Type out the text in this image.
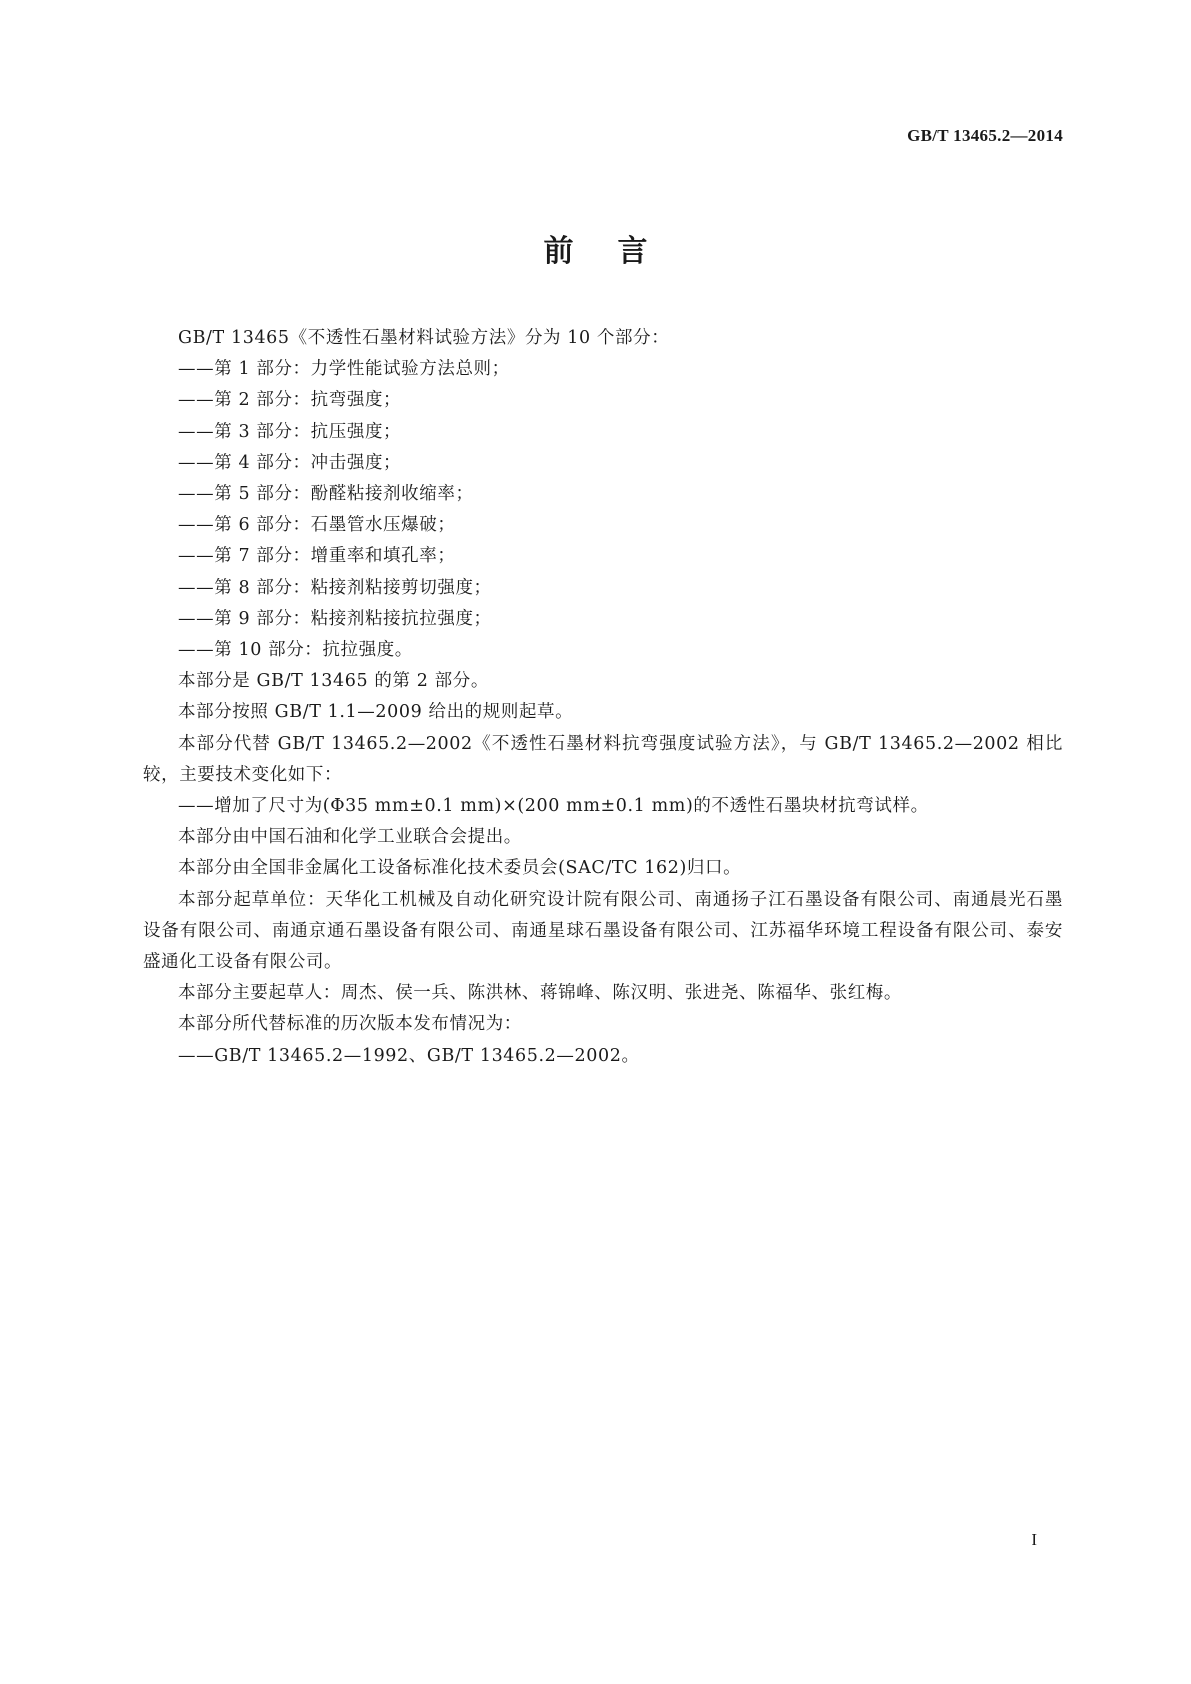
GB/T 13465.2—2014
前言

GB/T 13465《不透性石墨材料试验方法》分为 10 个部分：

——第 1 部分：力学性能试验方法总则；

——第 2 部分：抗弯强度；

——第 3 部分：抗压强度；

——第 4 部分：冲击强度；

——第 5 部分：酚醛粘接剂收缩率；

——第 6 部分：石墨管水压爆破；

——第 7 部分：增重率和填孔率；

——第 8 部分：粘接剂粘接剪切强度；

——第 9 部分：粘接剂粘接抗拉强度；

——第 10 部分：抗拉强度。

本部分是 GB/T 13465 的第 2 部分。

本部分按照 GB/T 1.1—2009 给出的规则起草。

本部分代替 GB/T 13465.2—2002《不透性石墨材料抗弯强度试验方法》，与 GB/T 13465.2—2002 相比较，主要技术变化如下：

——增加了尺寸为(Φ35 mm±0.1 mm)×(200 mm±0.1 mm)的不透性石墨块材抗弯试样。

本部分由中国石油和化学工业联合会提出。

本部分由全国非金属化工设备标准化技术委员会(SAC/TC 162)归口。

本部分起草单位：天华化工机械及自动化研究设计院有限公司、南通扬子江石墨设备有限公司、南通晨光石墨设备有限公司、南通京通石墨设备有限公司、南通星球石墨设备有限公司、江苏福华环境工程设备有限公司、泰安盛通化工设备有限公司。

本部分主要起草人：周杰、侯一兵、陈洪林、蒋锦峰、陈汉明、张进尧、陈福华、张红梅。

本部分所代替标准的历次版本发布情况为：

——GB/T 13465.2—1992、GB/T 13465.2—2002。

I
